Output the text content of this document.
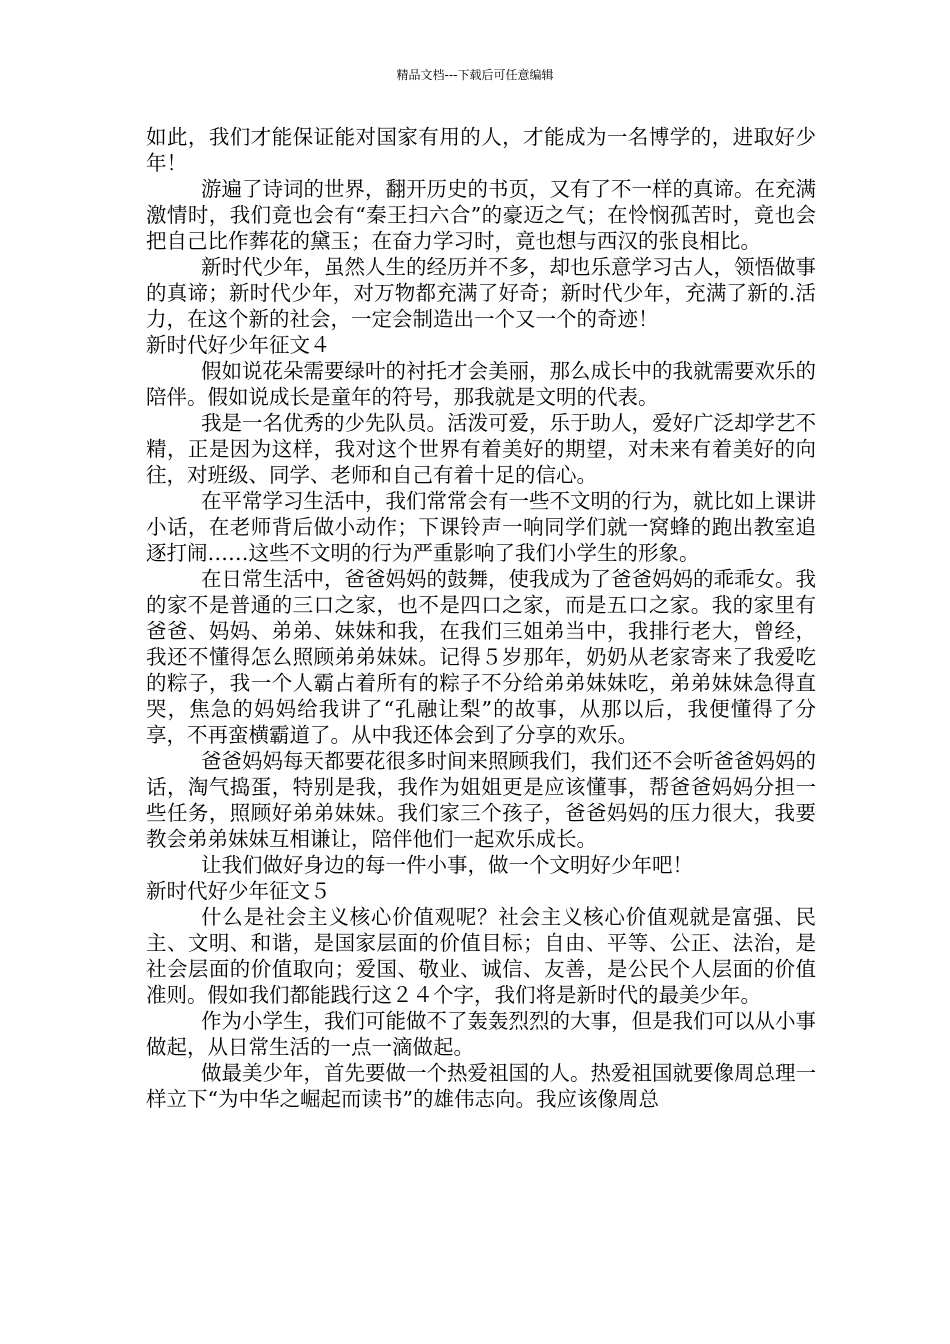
精品文档---下载后可任意编辑

如此，我们才能保证能对国家有用的人，才能成为一名博学的，进取好少年！

游遍了诗词的世界，翻开历史的书页，又有了不一样的真谛。在充满激情时，我们竟也会有“秦王扫六合”的豪迈之气；在怜悯孤苦时，竟也会把自己比作葬花的黛玉；在奋力学习时，竟也想与西汉的张良相比。

新时代少年，虽然人生的经历并不多，却也乐意学习古人，领悟做事的真谛；新时代少年，对万物都充满了好奇；新时代少年，充满了新的.活力，在这个新的社会，一定会制造出一个又一个的奇迹！

新时代好少年征文４

假如说花朵需要绿叶的衬托才会美丽，那么成长中的我就需要欢乐的陪伴。假如说成长是童年的符号，那我就是文明的代表。

我是一名优秀的少先队员。活泼可爱，乐于助人，爱好广泛却学艺不精，正是因为这样，我对这个世界有着美好的期望，对未来有着美好的向往，对班级、同学、老师和自己有着十足的信心。

在平常学习生活中，我们常常会有一些不文明的行为，就比如上课讲小话，在老师背后做小动作；下课铃声一响同学们就一窝蜂的跑出教室追逐打闹……这些不文明的行为严重影响了我们小学生的形象。

在日常生活中，爸爸妈妈的鼓舞，使我成为了爸爸妈妈的乖乖女。我的家不是普通的三口之家，也不是四口之家，而是五口之家。我的家里有爸爸、妈妈、弟弟、妹妹和我，在我们三姐弟当中，我排行老大，曾经，我还不懂得怎么照顾弟弟妹妹。记得５岁那年，奶奶从老家寄来了我爱吃的粽子，我一个人霸占着所有的粽子不分给弟弟妹妹吃，弟弟妹妹急得直哭，焦急的妈妈给我讲了“孔融让梨”的故事，从那以后，我便懂得了分享，不再蛮横霸道了。从中我还体会到了分享的欢乐。

爸爸妈妈每天都要花很多时间来照顾我们，我们还不会听爸爸妈妈的话，淘气捣蛋，特别是我，我作为姐姐更是应该懂事，帮爸爸妈妈分担一些任务，照顾好弟弟妹妹。我们家三个孩子，爸爸妈妈的压力很大，我要教会弟弟妹妹互相谦让，陪伴他们一起欢乐成长。

让我们做好身边的每一件小事，做一个文明好少年吧！

新时代好少年征文５

什么是社会主义核心价值观呢？社会主义核心价值观就是富强、民主、文明、和谐，是国家层面的价值目标；自由、平等、公正、法治，是社会层面的价值取向；爱国、敬业、诚信、友善，是公民个人层面的价值准则。假如我们都能践行这２４个字，我们将是新时代的最美少年。

作为小学生，我们可能做不了轰轰烈烈的大事，但是我们可以从小事做起，从日常生活的一点一滴做起。

做最美少年，首先要做一个热爱祖国的人。热爱祖国就要像周总理一样立下“为中华之崛起而读书”的雄伟志向。我应该像周总
